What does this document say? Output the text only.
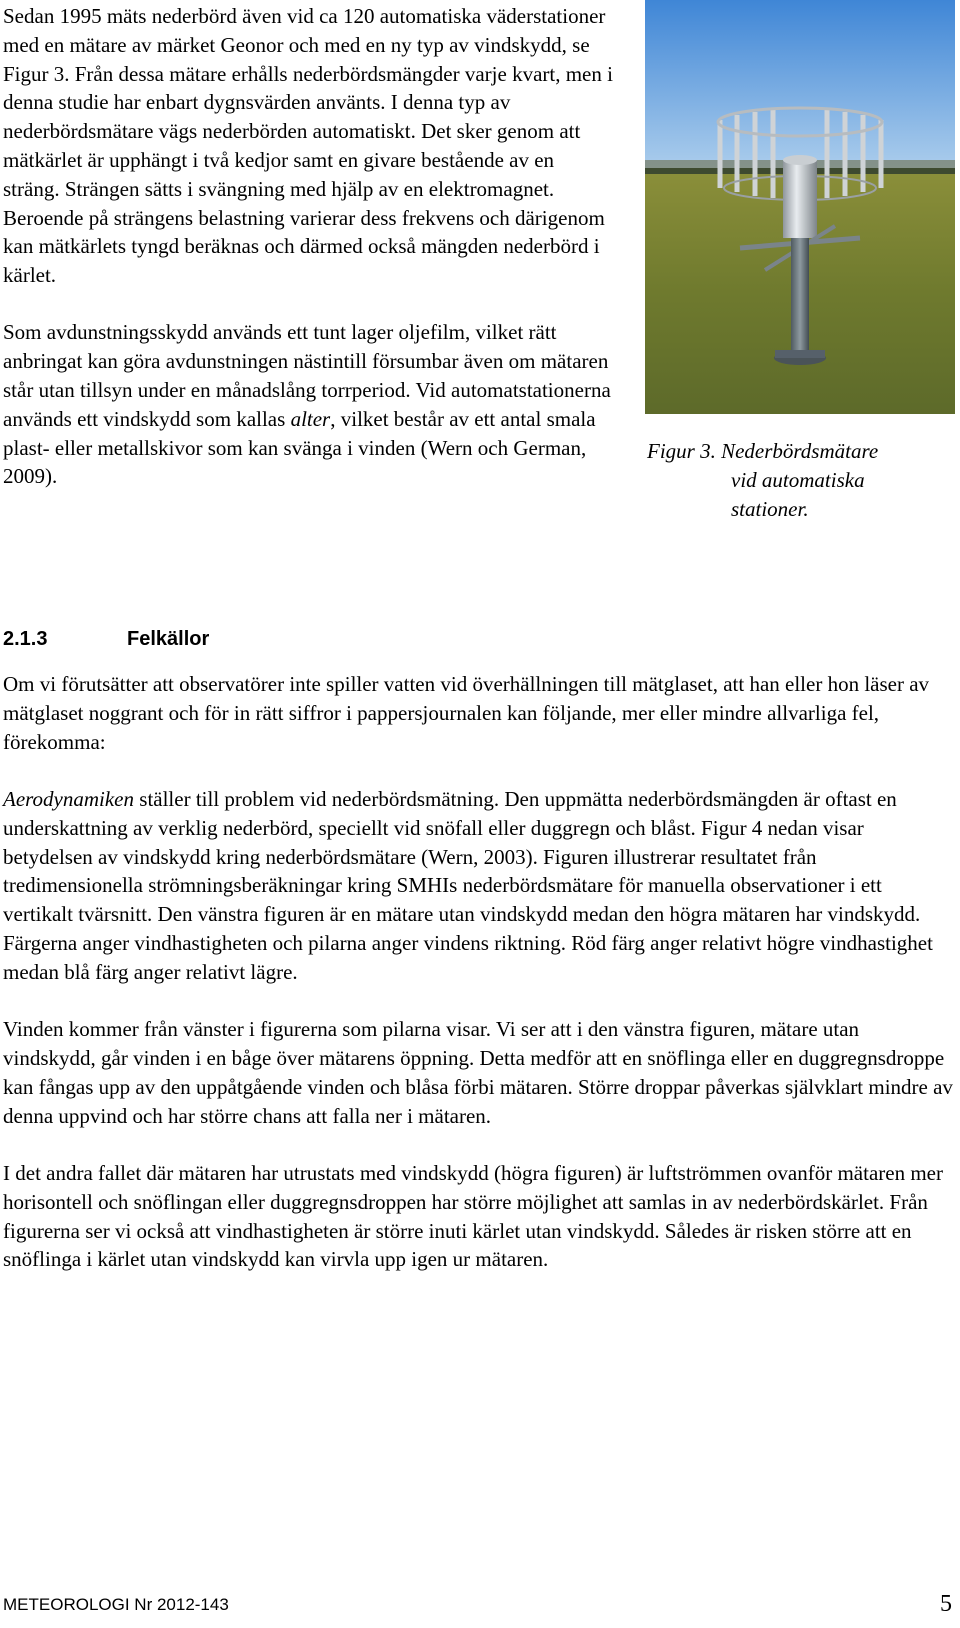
Sedan 1995 mäts nederbörd även vid ca 120 automatiska väderstationer med en mätare av märket Geonor och med en ny typ av vindskydd, se Figur 3. Från dessa mätare erhålls nederbördsmängder varje kvart, men i denna studie har enbart dygnsvärden använts. I denna typ av nederbördsmätare vägs nederbörden automatiskt. Det sker genom att mätkärlet är upphängt i två kedjor samt en givare bestående av en sträng. Strängen sätts i svängning med hjälp av en elektromagnet. Beroende på strängens belastning varierar dess frekvens och därigenom kan mätkärlets tyngd beräknas och därmed också mängden nederbörd i kärlet.

Som avdunstningsskydd används ett tunt lager oljefilm, vilket rätt anbringat kan göra avdunstningen nästintill försumbar även om mätaren står utan tillsyn under en månadslång torrperiod. Vid automatstationerna används ett vindskydd som kallas alter, vilket består av ett antal smala plast- eller metallskivor som kan svänga i vinden (Wern och German, 2009).

Figur 3. Nederbördsmätare
vid automatiska
stationer.
2.1.3	Felkällor

Om vi förutsätter att observatörer inte spiller vatten vid överhällningen till mätglaset, att han eller hon läser av mätglaset noggrant och för in rätt siffror i pappersjournalen kan följande, mer eller mindre allvarliga fel, förekomma:

Aerodynamiken ställer till problem vid nederbördsmätning. Den uppmätta nederbördsmängden är oftast en underskattning av verklig nederbörd, speciellt vid snöfall eller duggregn och blåst. Figur 4 nedan visar betydelsen av vindskydd kring nederbördsmätare (Wern, 2003). Figuren illustrerar resultatet från tredimensionella strömningsberäkningar kring SMHIs nederbördsmätare för manuella observationer i ett vertikalt tvärsnitt. Den vänstra figuren är en mätare utan vindskydd medan den högra mätaren har vindskydd. Färgerna anger vindhastigheten och pilarna anger vindens riktning. Röd färg anger relativt högre vindhastighet medan blå färg anger relativt lägre.

Vinden kommer från vänster i figurerna som pilarna visar. Vi ser att i den vänstra figuren, mätare utan vindskydd, går vinden i en båge över mätarens öppning. Detta medför att en snöflinga eller en duggregnsdroppe kan fångas upp av den uppåtgående vinden och blåsa förbi mätaren. Större droppar påverkas självklart mindre av denna uppvind och har större chans att falla ner i mätaren.

I det andra fallet där mätaren har utrustats med vindskydd (högra figuren) är luftströmmen ovanför mätaren mer horisontell och snöflingan eller duggregnsdroppen har större möjlighet att samlas in av nederbördskärlet. Från figurerna ser vi också att vindhastigheten är större inuti kärlet utan vindskydd. Således är risken större att en snöflinga i kärlet utan vindskydd kan virvla upp igen ur mätaren.

METEOROLOGI Nr 2012-143	5
